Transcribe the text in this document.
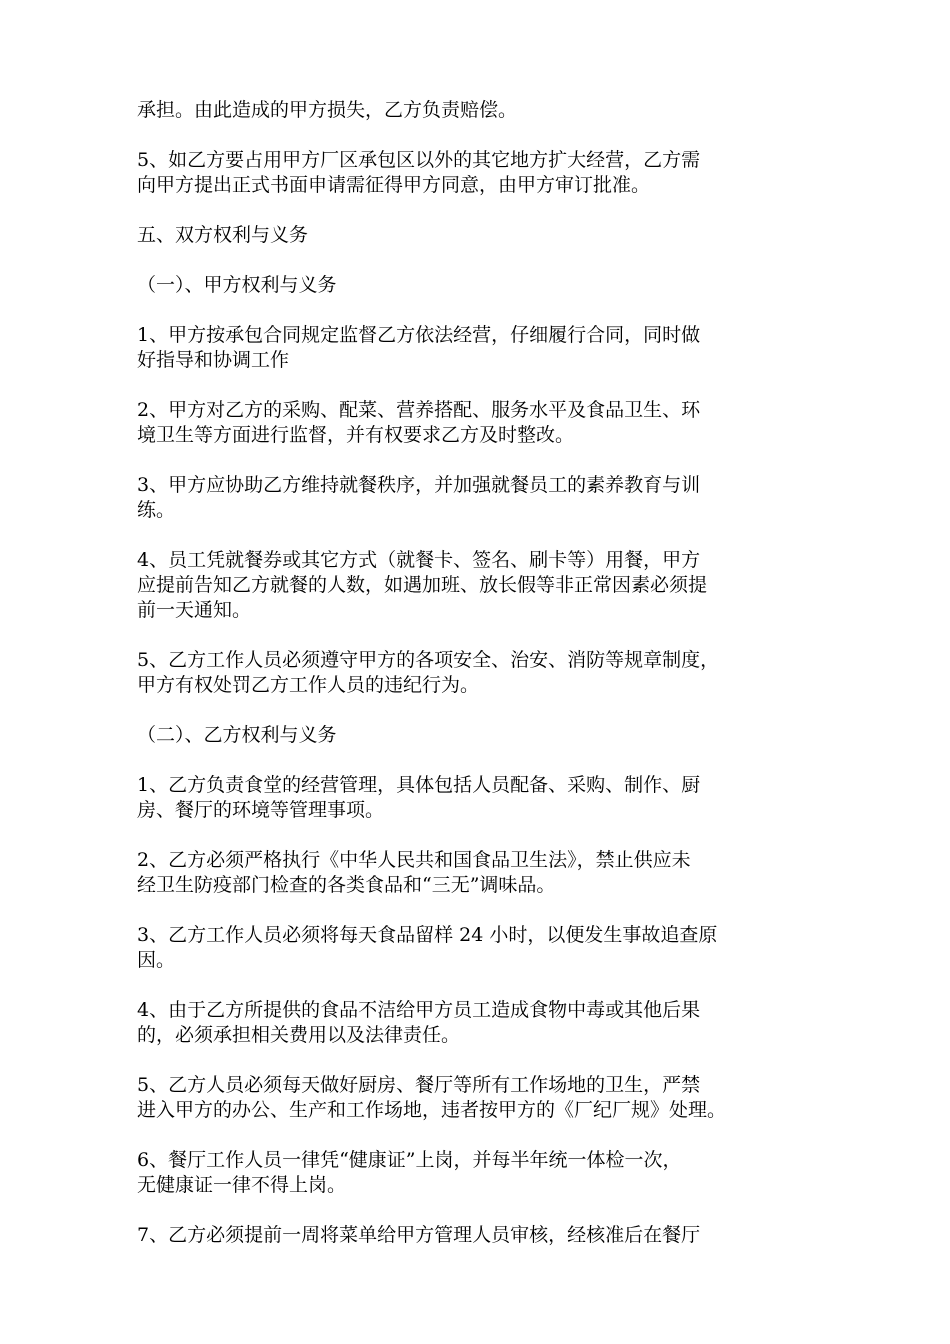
承担。由此造成的甲方损失，乙方负责赔偿。
5、如乙方要占用甲方厂区承包区以外的其它地方扩大经营，乙方需
向甲方提出正式书面申请需征得甲方同意，由甲方审订批准。
五、双方权利与义务
（一）、甲方权利与义务
1、甲方按承包合同规定监督乙方依法经营，仔细履行合同，同时做
好指导和协调工作
2、甲方对乙方的采购、配菜、营养搭配、服务水平及食品卫生、环
境卫生等方面进行监督，并有权要求乙方及时整改。
3、甲方应协助乙方维持就餐秩序，并加强就餐员工的素养教育与训
练。
4、员工凭就餐券或其它方式（就餐卡、签名、刷卡等）用餐，甲方
应提前告知乙方就餐的人数，如遇加班、放长假等非正常因素必须提
前一天通知。
5、乙方工作人员必须遵守甲方的各项安全、治安、消防等规章制度，
甲方有权处罚乙方工作人员的违纪行为。
（二）、乙方权利与义务
1、乙方负责食堂的经营管理，具体包括人员配备、采购、制作、厨
房、餐厅的环境等管理事项。
2、乙方必须严格执行《中华人民共和国食品卫生法》，禁止供应未
经卫生防疫部门检查的各类食品和“三无”调味品。
3、乙方工作人员必须将每天食品留样 24 小时，以便发生事故追查原
因。
4、由于乙方所提供的食品不洁给甲方员工造成食物中毒或其他后果
的，必须承担相关费用以及法律责任。
5、乙方人员必须每天做好厨房、餐厅等所有工作场地的卫生，严禁
进入甲方的办公、生产和工作场地，违者按甲方的《厂纪厂规》处理。
6、餐厅工作人员一律凭“健康证”上岗，并每半年统一体检一次，
无健康证一律不得上岗。
7、乙方必须提前一周将菜单给甲方管理人员审核，经核准后在餐厅
